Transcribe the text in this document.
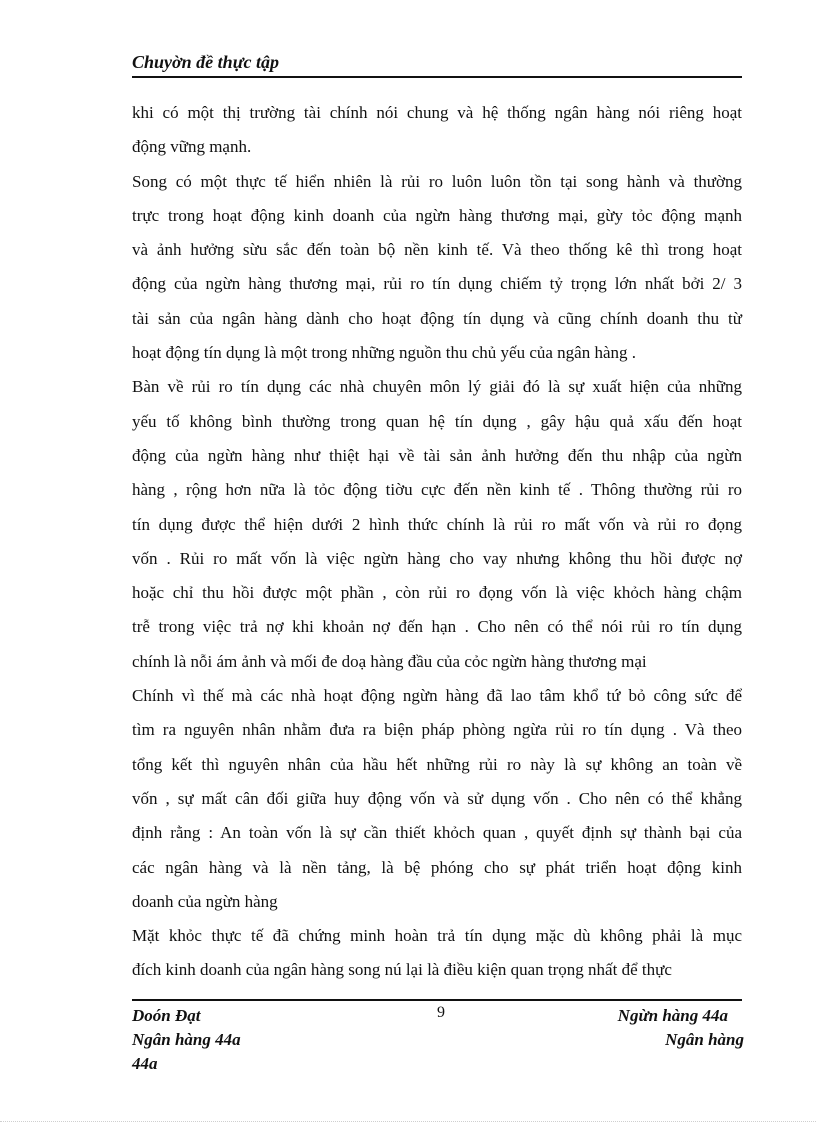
Chuyờn đề thực tập
khi có một thị trường tài chính nói chung và hệ thống ngân hàng nói riêng hoạt
động vững mạnh.
Song có một thực tế hiển nhiên là rủi ro luôn luôn tồn tại song hành và thường
trực trong hoạt động kinh doanh của ngừn hàng thương mại, gừy tỏc động mạnh
và ảnh hưởng sừu sắc đến toàn bộ nền kinh tế. Và theo thống kê thì trong hoạt
động của ngừn hàng thương mại, rủi ro tín dụng chiếm tỷ trọng lớn nhất bởi 2/ 3
tài sản của ngân hàng dành cho hoạt động tín dụng và cũng chính doanh thu từ
hoạt động tín dụng là một trong những nguồn thu chủ yếu của ngân hàng .
Bàn về rủi ro tín dụng các nhà chuyên môn lý giải đó là sự xuất hiện của những
yếu tố không bình thường trong quan hệ tín dụng , gây hậu quả xấu đến hoạt
động của ngừn hàng như thiệt hại về tài sản ảnh hưởng đến thu nhập của ngừn
hàng , rộng hơn nữa là tỏc động tiờu cực đến nền kinh tế . Thông thường rủi ro
tín dụng được thể hiện dưới 2 hình thức chính là rủi ro mất vốn và rủi ro đọng
vốn . Rủi ro mất vốn là việc ngừn hàng cho vay nhưng không thu hồi được nợ
hoặc chỉ thu hồi được một phần , còn rủi ro đọng vốn là việc khỏch hàng chậm
trễ trong việc trả nợ khi khoản nợ đến hạn . Cho nên có thể nói rủi ro tín dụng
chính là nỗi ám ảnh và mối đe doạ hàng đầu của cỏc ngừn hàng thương mại
Chính vì thế mà các nhà hoạt động ngừn hàng đã lao tâm khổ tứ bỏ công sức để
tìm ra nguyên nhân nhằm đưa ra biện pháp phòng ngừa rủi ro tín dụng . Và theo
tổng kết thì nguyên nhân của hầu hết những rủi ro này là sự không an toàn về
vốn , sự mất cân đối giữa huy động vốn và sử dụng vốn . Cho nên có thể khẳng
định rằng : An toàn vốn là sự cần thiết khỏch quan , quyết định sự thành bại của
các ngân hàng và là nền tảng, là bệ phóng cho sự phát triển hoạt động kinh
doanh của ngừn hàng
Mặt khỏc thực tế đã chứng minh hoàn trả tín dụng mặc dù không phải là mục
đích kinh doanh của ngân hàng song nú lại là điều kiện quan trọng nhất để thực
Doón Đạt	9	Ngừn hàng 44a
Ngân hàng 44a	Ngân hàng
44a
